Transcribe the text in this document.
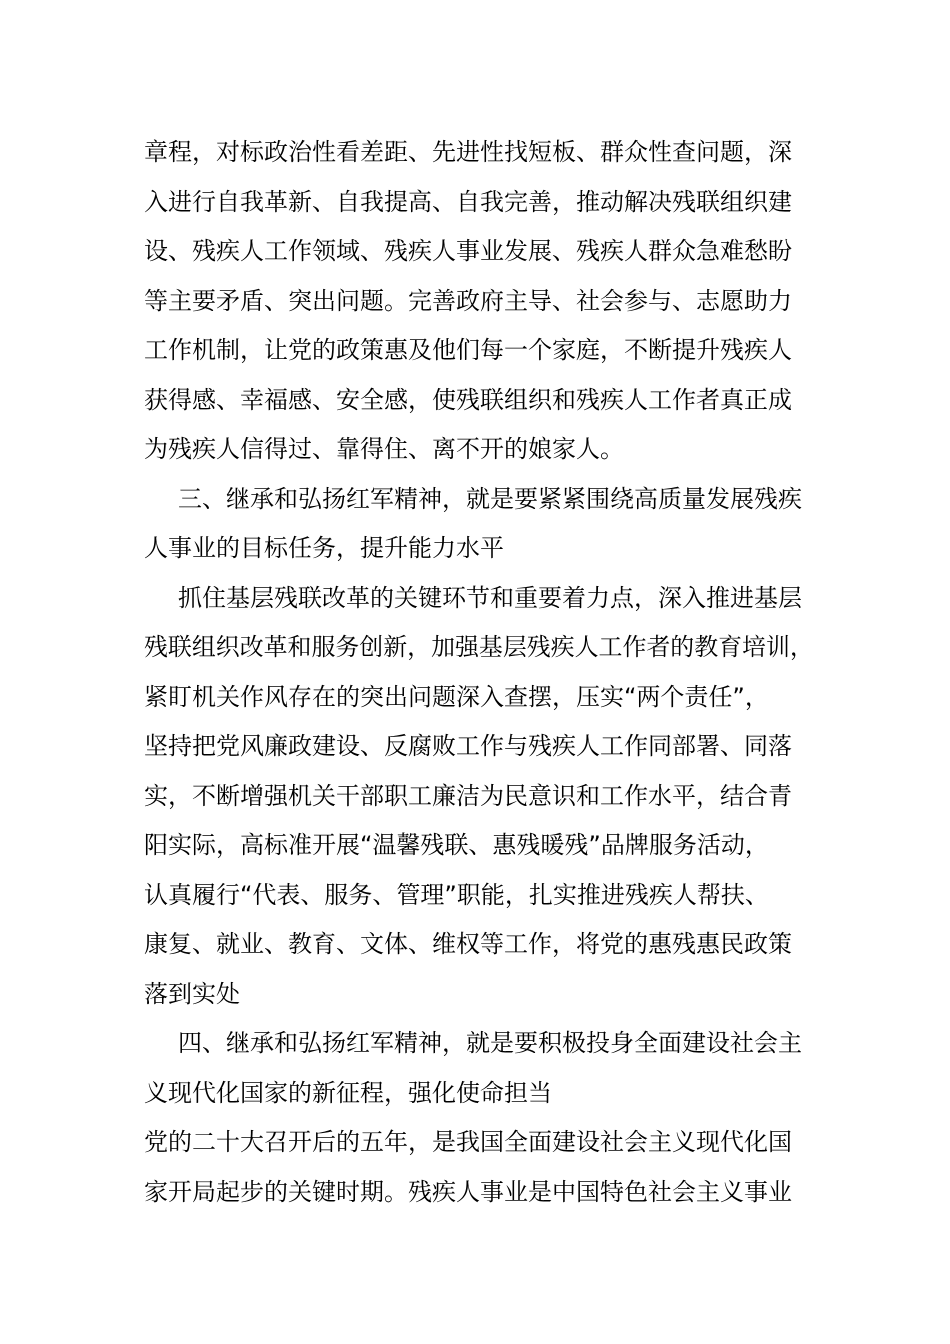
章程，对标政治性看差距、先进性找短板、群众性查问题，深
入进行自我革新、自我提高、自我完善，推动解决残联组织建
设、残疾人工作领域、残疾人事业发展、残疾人群众急难愁盼
等主要矛盾、突出问题。完善政府主导、社会参与、志愿助力
工作机制，让党的政策惠及他们每一个家庭，不断提升残疾人
获得感、幸福感、安全感，使残联组织和残疾人工作者真正成
为残疾人信得过、靠得住、离不开的娘家人。
三、继承和弘扬红军精神，就是要紧紧围绕高质量发展残疾
人事业的目标任务，提升能力水平
抓住基层残联改革的关键环节和重要着力点，深入推进基层
残联组织改革和服务创新，加强基层残疾人工作者的教育培训，
紧盯机关作风存在的突出问题深入查摆，压实“两个责任”，
坚持把党风廉政建设、反腐败工作与残疾人工作同部署、同落
实，不断增强机关干部职工廉洁为民意识和工作水平，结合青
阳实际，高标准开展“温馨残联、惠残暖残”品牌服务活动，
认真履行“代表、服务、管理”职能，扎实推进残疾人帮扶、
康复、就业、教育、文体、维权等工作，将党的惠残惠民政策
落到实处
四、继承和弘扬红军精神，就是要积极投身全面建设社会主
义现代化国家的新征程，强化使命担当
党的二十大召开后的五年，是我国全面建设社会主义现代化国
家开局起步的关键时期。残疾人事业是中国特色社会主义事业
